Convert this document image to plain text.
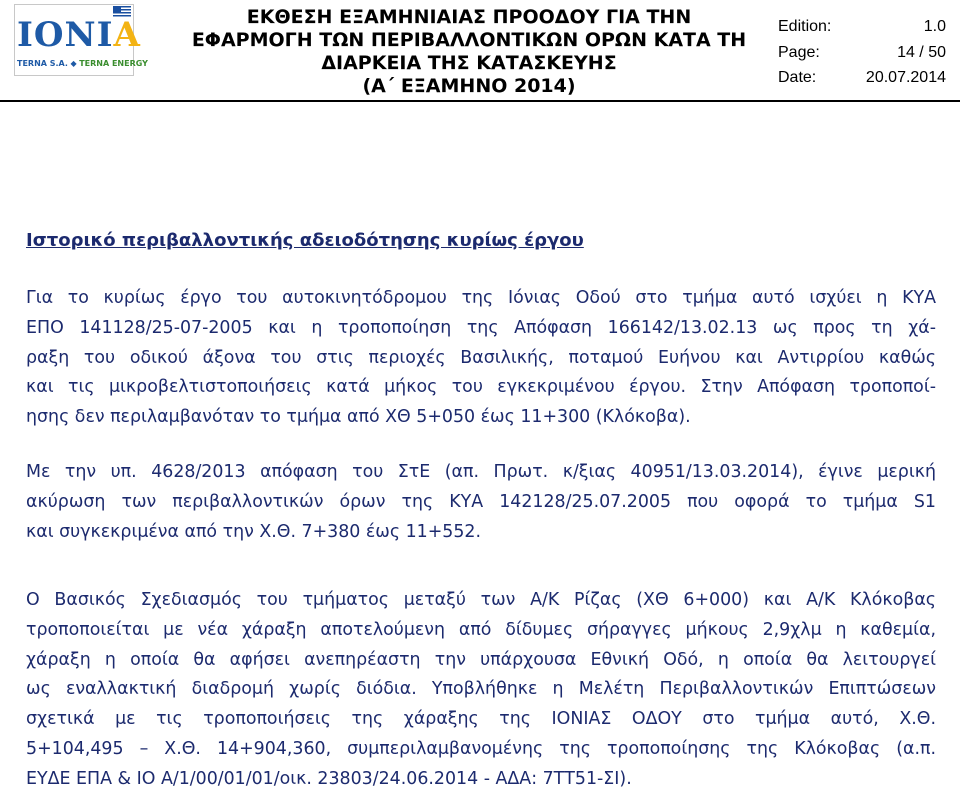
IONIA
TERNA S.A. ◆ TERNA ENERGY
ΕΚΘΕΣΗ ΕΞΑΜΗΝΙΑΙΑΣ ΠΡΟΟΔΟΥ ΓΙΑ ΤΗΝ
ΕΦΑΡΜΟΓΗ ΤΩΝ ΠΕΡΙΒΑΛΛΟΝΤΙΚΩΝ ΟΡΩΝ ΚΑΤΑ ΤΗ
ΔΙΑΡΚΕΙΑ ΤΗΣ ΚΑΤΑΣΚΕΥΗΣ
(Α΄ ΕΞΑΜΗΝΟ 2014)
Edition:	1.0
Page:	14 / 50
Date:	20.07.2014
Ιστορικό περιβαλλοντικής αδειοδότησης κυρίως έργου
Για το κυρίως έργο του αυτοκινητόδρομου της Ιόνιας Οδού στο τμήμα αυτό ισχύει η ΚΥΑ
ΕΠΟ 141128/25-07-2005 και η τροποποίηση της Απόφαση 166142/13.02.13 ως προς τη χά-
ραξη του οδικού άξονα του στις περιοχές Βασιλικής, ποταμού Ευήνου και Αντιρρίου καθώς
και τις μικροβελτιστοποιήσεις κατά μήκος του εγκεκριμένου έργου. Στην Απόφαση τροποποί-
ησης δεν περιλαμβανόταν το τμήμα από ΧΘ 5+050 έως 11+300 (Κλόκοβα).
Με την υπ. 4628/2013 απόφαση του ΣτΕ (απ. Πρωτ. κ/ξιας 40951/13.03.2014), έγινε μερική
ακύρωση των περιβαλλοντικών όρων της ΚΥΑ 142128/25.07.2005 που οφορά το τμήμα S1
και συγκεκριμένα από την Χ.Θ. 7+380 έως 11+552.
Ο Βασικός Σχεδιασμός του τμήματος μεταξύ των Α/Κ Ρίζας (ΧΘ 6+000) και Α/Κ Κλόκοβας
τροποποιείται με νέα χάραξη αποτελούμενη από δίδυμες σήραγγες μήκους 2,9χλμ η καθεμία,
χάραξη η οποία θα αφήσει ανεπηρέαστη την υπάρχουσα Εθνική Οδό, η οποία θα λειτουργεί
ως εναλλακτική διαδρομή χωρίς διόδια. Υποβλήθηκε η Μελέτη Περιβαλλοντικών Επιπτώσεων
σχετικά με τις τροποποιήσεις της χάραξης της ΙΟΝΙΑΣ ΟΔΟΥ στο τμήμα αυτό, Χ.Θ.
5+104,495 – Χ.Θ. 14+904,360, συμπεριλαμβανομένης της τροποποίησης της Κλόκοβας (α.π.
ΕΥΔΕ ΕΠΑ & ΙΟ Α/1/00/01/01/οικ. 23803/24.06.2014 - ΑΔΑ: 7ΤΤ51-ΣΙ).
